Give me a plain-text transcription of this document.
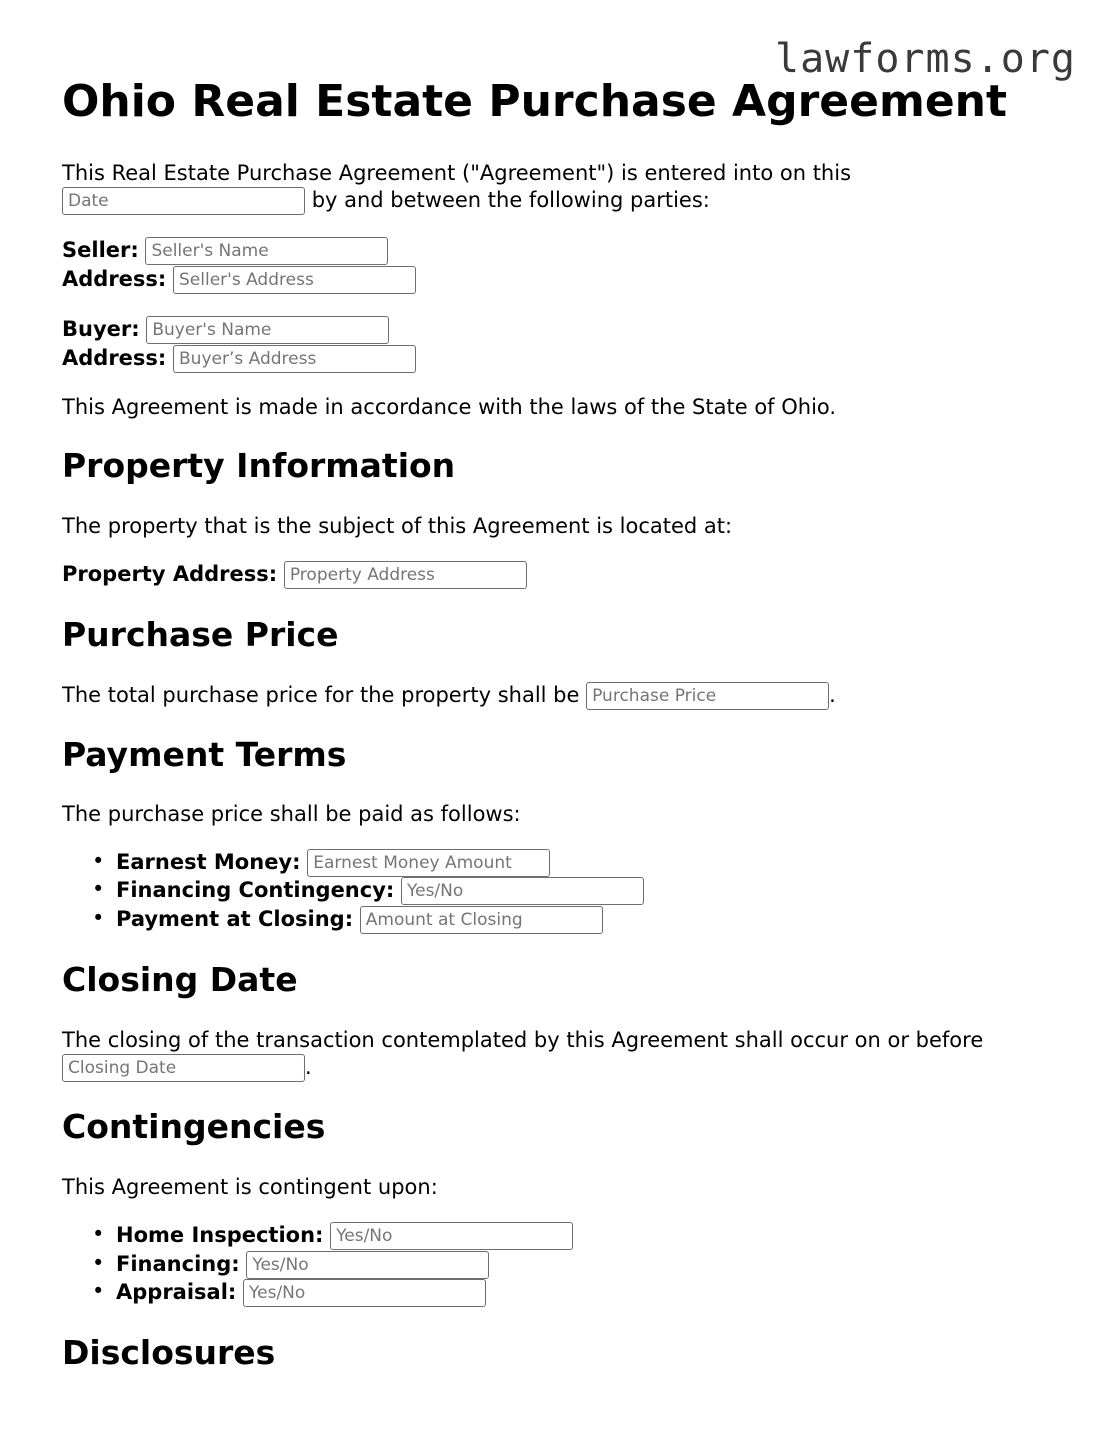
lawforms.org
Ohio Real Estate Purchase Agreement
This Real Estate Purchase Agreement ("Agreement") is entered into on this
Date by and between the following parties:
Seller: Seller's Name
Address: Seller's Address
Buyer: Buyer's Name
Address: Buyer’s Address
This Agreement is made in accordance with the laws of the State of Ohio.
Property Information
The property that is the subject of this Agreement is located at:
Property Address: Property Address
Purchase Price
The total purchase price for the property shall be Purchase Price	.
Payment Terms
The purchase price shall be paid as follows:
• Earnest Money: Earnest Money Amount
• Financing Contingency: Yes/No
• Payment at Closing: Amount at Closing
Closing Date
The closing of the transaction contemplated by this Agreement shall occur on or before
Closing Date.
Contingencies
This Agreement is contingent upon:
• Home Inspection: Yes/No
• Financing: Yes/No
• Appraisal: Yes/No
Disclosures
